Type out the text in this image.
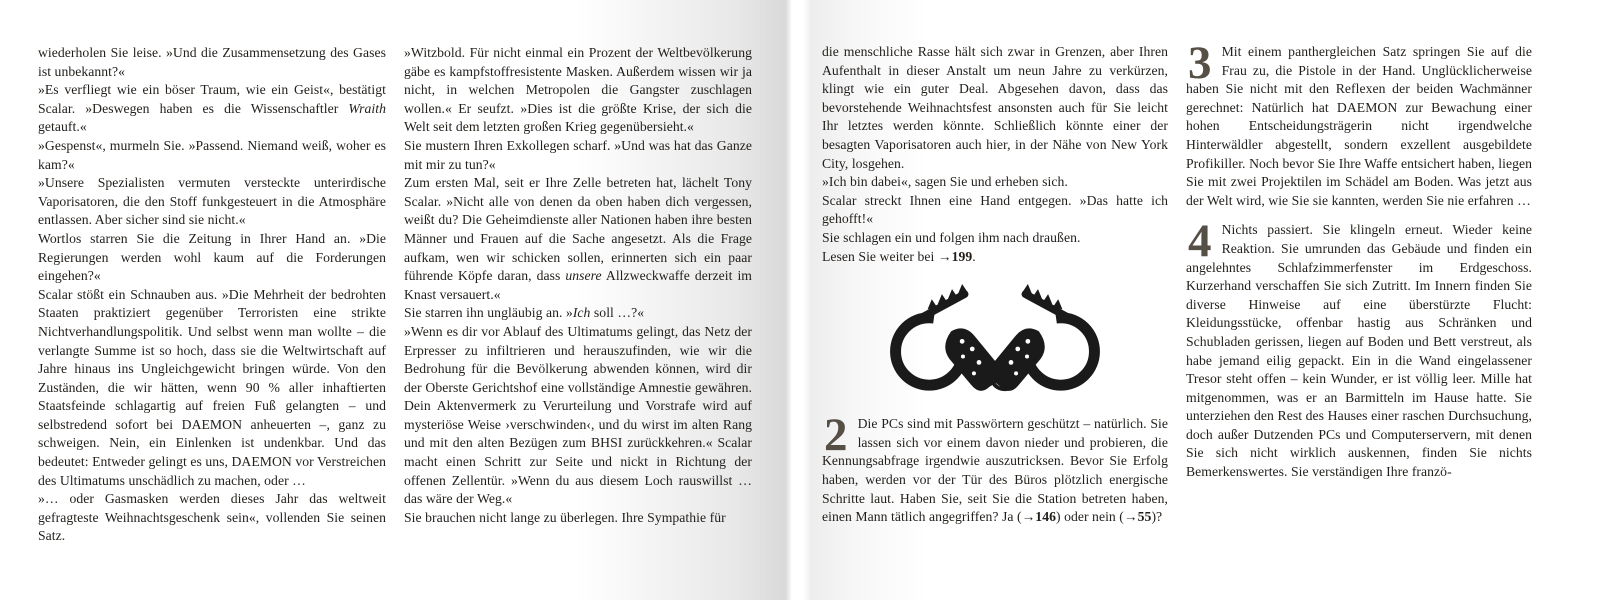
wiederholen Sie leise. »Und die Zusammensetzung des Gases ist unbekannt?«

»Es verfliegt wie ein böser Traum, wie ein Geist«, bestätigt Scalar. »Deswegen haben es die Wissenschaftler Wraith getauft.«

»Gespenst«, murmeln Sie. »Passend. Niemand weiß, woher es kam?«

»Unsere Spezialisten vermuten versteckte unterirdische Vaporisatoren, die den Stoff funkgesteuert in die Atmosphäre entlassen. Aber sicher sind sie nicht.«

Wortlos starren Sie die Zeitung in Ihrer Hand an. »Die Regierungen werden wohl kaum auf die Forderungen eingehen?«

Scalar stößt ein Schnauben aus. »Die Mehrheit der bedrohten Staaten praktiziert gegenüber Terroristen eine strikte Nichtverhandlungspolitik. Und selbst wenn man wollte – die verlangte Summe ist so hoch, dass sie die Weltwirtschaft auf Jahre hinaus ins Ungleichgewicht bringen würde. Von den Zuständen, die wir hätten, wenn 90 % aller inhaftierten Staatsfeinde schlagartig auf freien Fuß gelangten – und selbstredend sofort bei DAEMON anheuerten –, ganz zu schweigen. Nein, ein Einlenken ist undenkbar. Und das bedeutet: Entweder gelingt es uns, DAEMON vor Verstreichen des Ultimatums unschädlich zu machen, oder …

»… oder Gasmasken werden dieses Jahr das weltweit gefragteste Weihnachtsgeschenk sein«, vollenden Sie seinen Satz.

»Witzbold. Für nicht einmal ein Prozent der Weltbevölkerung gäbe es kampfstoffresistente Masken. Außerdem wissen wir ja nicht, in welchen Metropolen die Gangster zuschlagen wollen.« Er seufzt. »Dies ist die größte Krise, der sich die Welt seit dem letzten großen Krieg gegenübersieht.«

Sie mustern Ihren Exkollegen scharf. »Und was hat das Ganze mit mir zu tun?«

Zum ersten Mal, seit er Ihre Zelle betreten hat, lächelt Tony Scalar. »Nicht alle von denen da oben haben dich vergessen, weißt du? Die Geheimdienste aller Nationen haben ihre besten Männer und Frauen auf die Sache angesetzt. Als die Frage aufkam, wen wir schicken sollen, erinnerten sich ein paar führende Köpfe daran, dass unsere Allzweckwaffe derzeit im Knast versauert.«

Sie starren ihn ungläubig an. »Ich soll …?«

»Wenn es dir vor Ablauf des Ultimatums gelingt, das Netz der Erpresser zu infiltrieren und herauszufinden, wie wir die Bedrohung für die Bevölkerung abwenden können, wird dir der Oberste Gerichtshof eine vollständige Amnestie gewähren. Dein Aktenvermerk zu Verurteilung und Vorstrafe wird auf mysteriöse Weise ›verschwinden‹, und du wirst im alten Rang und mit den alten Bezügen zum BHSI zurückkehren.« Scalar macht einen Schritt zur Seite und nickt in Richtung der offenen Zellentür. »Wenn du aus diesem Loch rauswillst … das wäre der Weg.«

Sie brauchen nicht lange zu überlegen. Ihre Sympathie für

die menschliche Rasse hält sich zwar in Grenzen, aber Ihren Aufenthalt in dieser Anstalt um neun Jahre zu verkürzen, klingt wie ein guter Deal. Abgesehen davon, dass das bevorstehende Weihnachtsfest ansonsten auch für Sie leicht Ihr letztes werden könnte. Schließlich könnte einer der besagten Vaporisatoren auch hier, in der Nähe von New York City, losgehen.

»Ich bin dabei«, sagen Sie und erheben sich.

Scalar streckt Ihnen eine Hand entgegen. »Das hatte ich gehofft!«

Sie schlagen ein und folgen ihm nach draußen.

Lesen Sie weiter bei →199.

2 Die PCs sind mit Passwörtern geschützt – natürlich. Sie lassen sich vor einem davon nieder und probieren, die Kennungsabfrage irgendwie auszutricksen. Bevor Sie Erfolg haben, werden vor der Tür des Büros plötzlich energische Schritte laut. Haben Sie, seit Sie die Station betreten haben, einen Mann tätlich angegriffen? Ja (→146) oder nein (→55)?

3 Mit einem panthergleichen Satz springen Sie auf die Frau zu, die Pistole in der Hand. Unglücklicherweise haben Sie nicht mit den Reflexen der beiden Wachmänner gerechnet: Natürlich hat DAEMON zur Bewachung einer hohen Entscheidungsträgerin nicht irgendwelche Hinterwäldler abgestellt, sondern exzellent ausgebildete Profikiller. Noch bevor Sie Ihre Waffe entsichert haben, liegen Sie mit zwei Projektilen im Schädel am Boden. Was jetzt aus der Welt wird, wie Sie sie kannten, werden Sie nie erfahren …

4 Nichts passiert. Sie klingeln erneut. Wieder keine Reaktion. Sie umrunden das Gebäude und finden ein angelehntes Schlafzimmerfenster im Erdgeschoss. Kurzerhand verschaffen Sie sich Zutritt. Im Innern finden Sie diverse Hinweise auf eine überstürzte Flucht: Kleidungsstücke, offenbar hastig aus Schränken und Schubladen gerissen, liegen auf Boden und Bett verstreut, als habe jemand eilig gepackt. Ein in die Wand eingelassener Tresor steht offen – kein Wunder, er ist völlig leer. Mille hat mitgenommen, was er an Barmitteln im Hause hatte. Sie unterziehen den Rest des Hauses einer raschen Durchsuchung, doch außer Dutzenden PCs und Computerservern, mit denen Sie sich nicht wirklich auskennen, finden Sie nichts Bemerkenswertes. Sie verständigen Ihre franzö-
